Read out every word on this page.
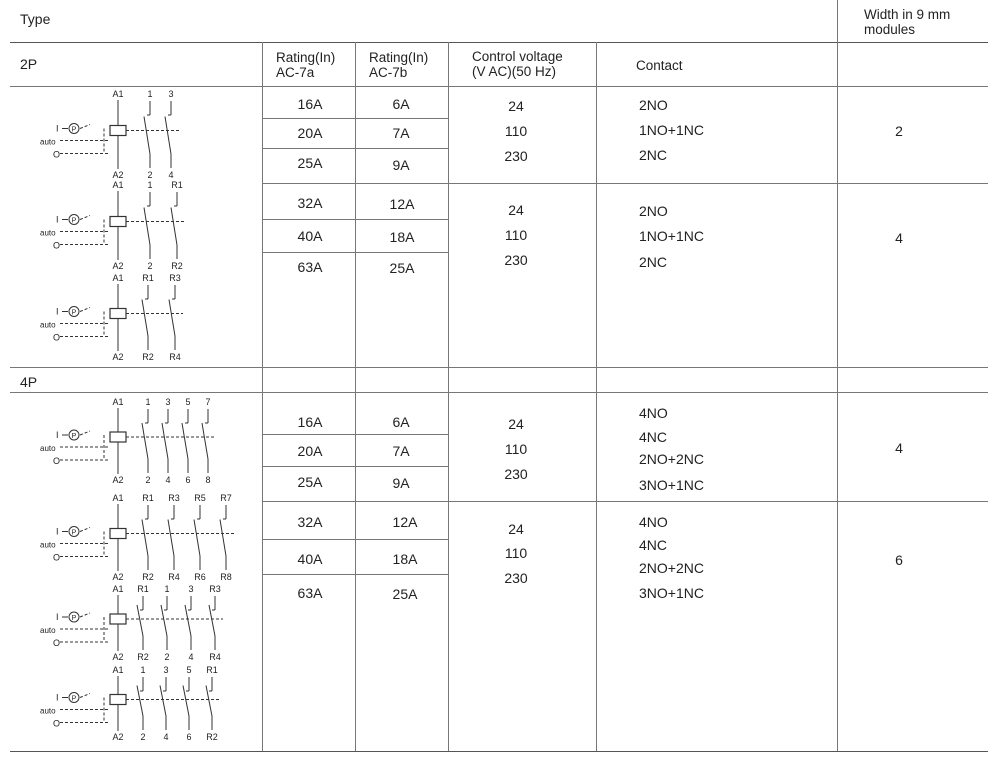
Type	Width in 9 mm
modules
Rating(In)
AC-7a
Rating(In)
AC-7b
Control voltage
(V AC)(50 Hz)	Contact
2P
16A
20A
25A
6A
7A
9A
24
110
230
2NO
1NO+1NC
2NC
2
32A
40A
63A
12A
18A
25A
24
110
230
2NO
1NO+1NC
2NC
4
4P
16A
20A
25A
6A
7A
9A
24
110
230
4NO
4NC
2NO+2NC
3NO+1NC
4
32A
40A
63A
12A
18A
25A
24
110
230
4NO
4NC
2NO+2NC
3NO+1NC
6
A1
A2
I
auto
O
P
1
2
3
4
A1
A2
I
auto
O
P
1
2
R1
R2
A1
A2
I
auto
O
P
R1
R2
R3
R4
A1
A2
I
auto
O
P
1
2
3
4
5
6
7
8
A1
A2
I
auto
O
P
R1
R2
R3
R4
R5
R6
R7
R8
A1
A2
I
auto
O
P
R1
R2
1
2
3
4
R3
R4
A1
A2
I
auto
O
P
1
2
3
4
5
6
R1
R2
